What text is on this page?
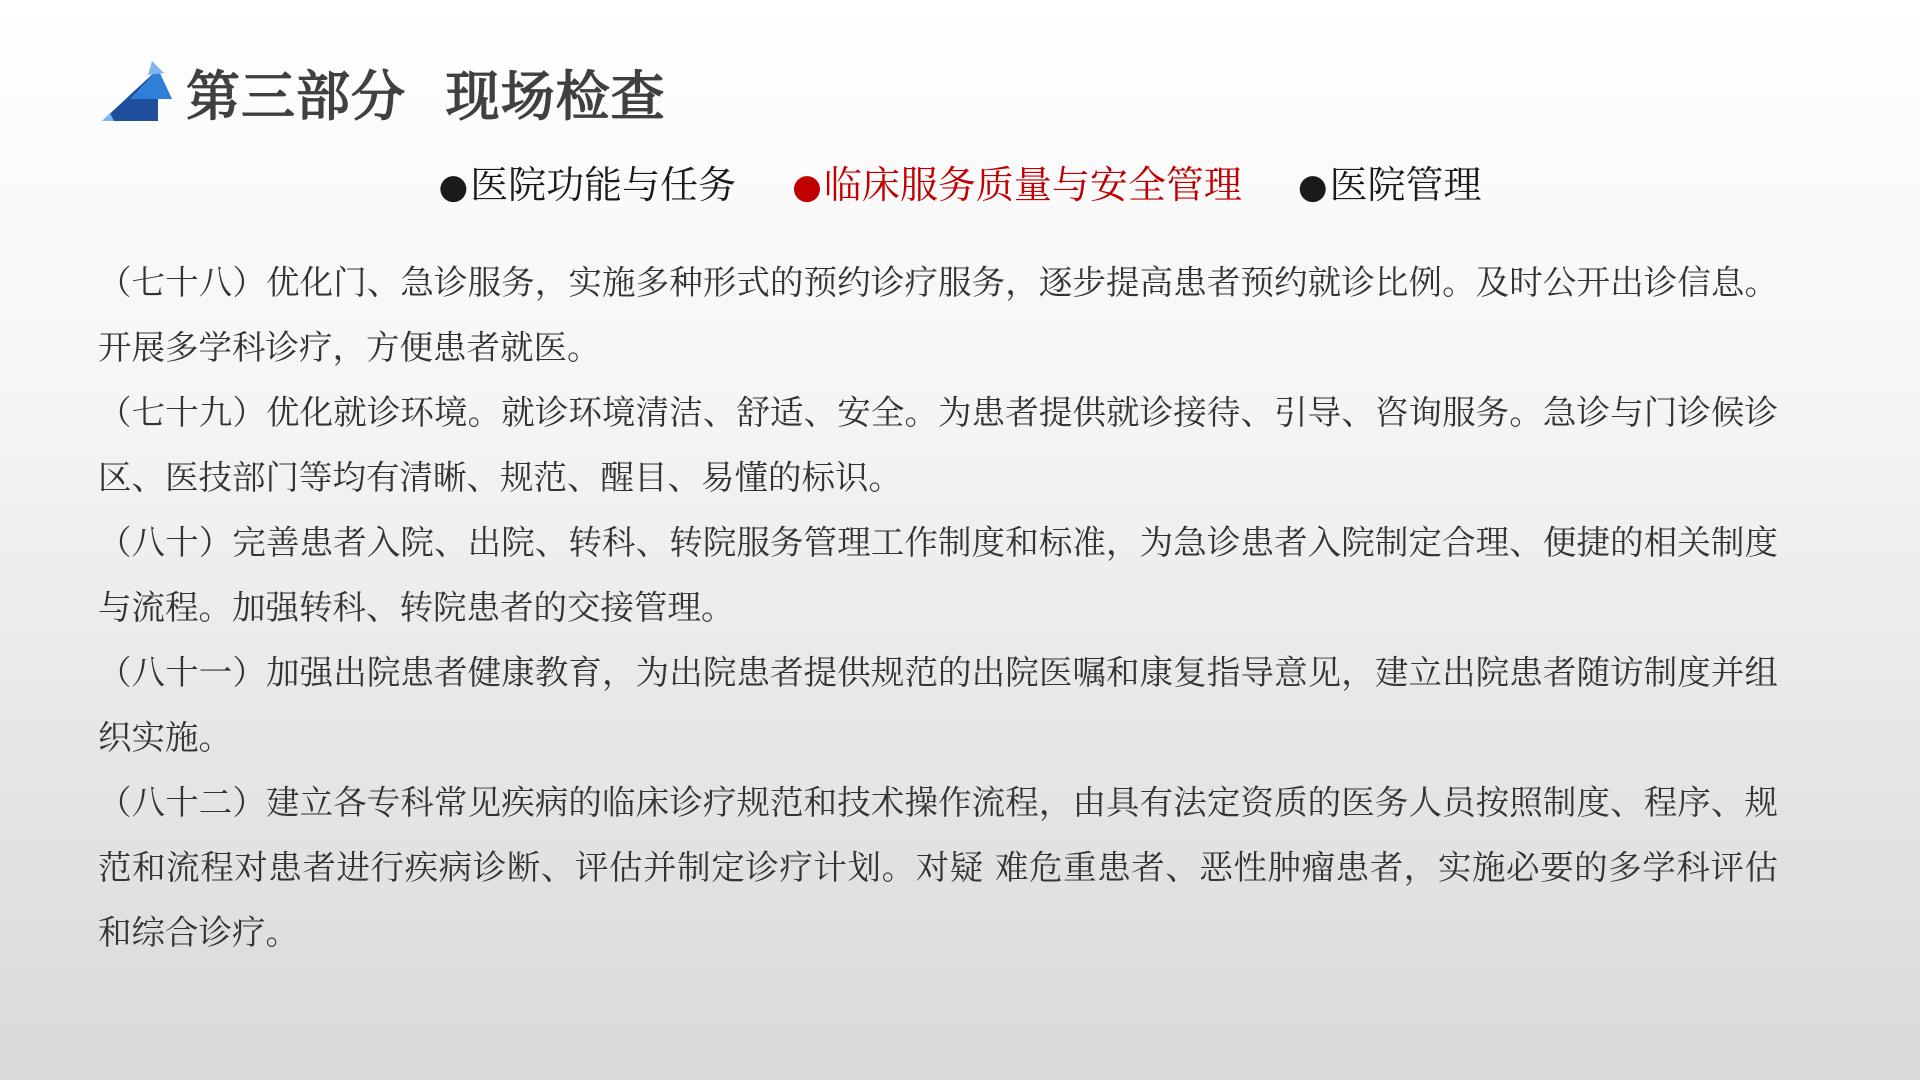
第三部分  现场检查
●医院功能与任务 ●临床服务质量与安全管理 ●医院管理

（七十八）优化门、急诊服务，实施多种形式的预约诊疗服务，逐步提高患者预约就诊比例。及时公开出诊信息。开展多学科诊疗，方便患者就医。

（七十九）优化就诊环境。就诊环境清洁、舒适、安全。为患者提供就诊接待、引导、咨询服务。急诊与门诊候诊区、医技部门等均有清晰、规范、醒目、易懂的标识。

（八十）完善患者入院、出院、转科、转院服务管理工作制度和标准，为急诊患者入院制定合理、便捷的相关制度与流程。加强转科、转院患者的交接管理。

（八十一）加强出院患者健康教育，为出院患者提供规范的出院医嘱和康复指导意见，建立出院患者随访制度并组织实施。

（八十二）建立各专科常见疾病的临床诊疗规范和技术操作流程，由具有法定资质的医务人员按照制度、程序、规 范和流程对患者进行疾病诊断、评估并制定诊疗计划。对疑 难危重患者、恶性肿瘤患者，实施必要的多学科评估和综合诊疗。
